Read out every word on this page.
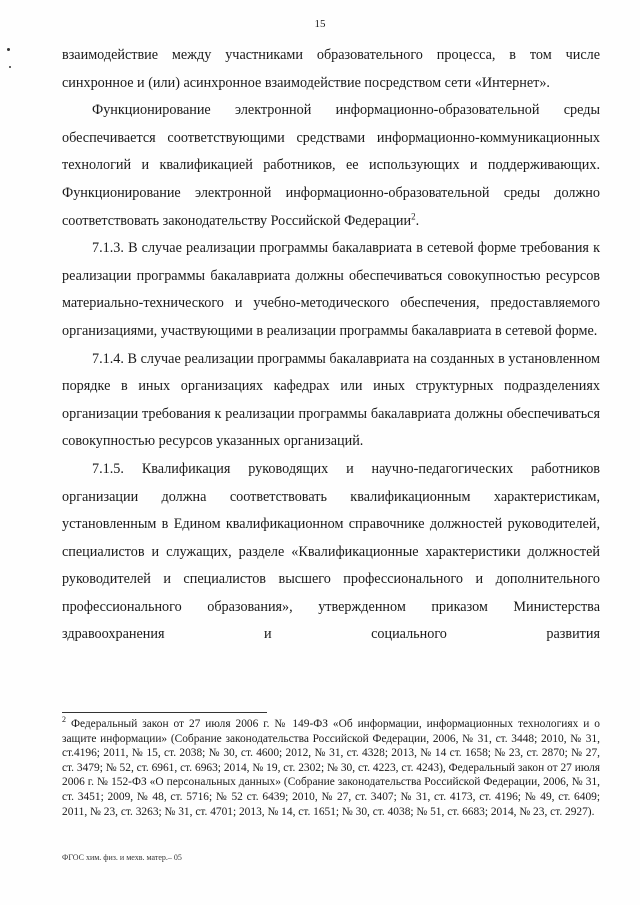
15

взаимодействие между участниками образовательного процесса, в том числе синхронное и (или) асинхронное взаимодействие посредством сети «Интернет».

Функционирование электронной информационно-образовательной среды обеспечивается соответствующими средствами информационно-коммуникационных технологий и квалификацией работников, ее использующих и поддерживающих. Функционирование электронной информационно-образовательной среды должно соответствовать законодательству Российской Федерации$^2$.

7.1.3. В случае реализации программы бакалавриата в сетевой форме требования к реализации программы бакалавриата должны обеспечиваться совокупностью ресурсов материально-технического и учебно-методического обеспечения, предоставляемого организациями, участвующими в реализации программы бакалавриата в сетевой форме.

7.1.4. В случае реализации программы бакалавриата на созданных в установленном порядке в иных организациях кафедрах или иных структурных подразделениях организации требования к реализации программы бакалавриата должны обеспечиваться совокупностью ресурсов указанных организаций.

7.1.5. Квалификация руководящих и научно-педагогических работников организации должна соответствовать квалификационным характеристикам, установленным в Едином квалификационном справочнике должностей руководителей, специалистов и служащих, разделе «Квалификационные характеристики должностей руководителей и специалистов высшего профессионального и дополнительного профессионального образования», утвержденном приказом Министерства здравоохранения и социального развития

$^2$ Федеральный закон от 27 июля 2006 г. № 149-ФЗ «Об информации, информационных технологиях и о защите информации» (Собрание законодательства Российской Федерации, 2006, № 31, ст. 3448; 2010, № 31, ст.4196; 2011, № 15, ст. 2038; № 30, ст. 4600; 2012, № 31, ст. 4328; 2013, № 14 ст. 1658; № 23, ст. 2870; № 27, ст. 3479; № 52, ст. 6961, ст. 6963; 2014, № 19, ст. 2302; № 30, ст. 4223, ст. 4243), Федеральный закон от 27 июля 2006 г. № 152-ФЗ «О персональных данных» (Собрание законодательства Российской Федерации, 2006, № 31, ст. 3451; 2009, № 48, ст. 5716; № 52 ст. 6439; 2010, № 27, ст. 3407; № 31, ст. 4173, ст. 4196; № 49, ст. 6409; 2011, № 23, ст. 3263; № 31, ст. 4701; 2013, № 14, ст. 1651; № 30, ст. 4038; № 51, ст. 6683; 2014, № 23, ст. 2927).
ФГОС хим. физ. и мехв. матер.– 05
